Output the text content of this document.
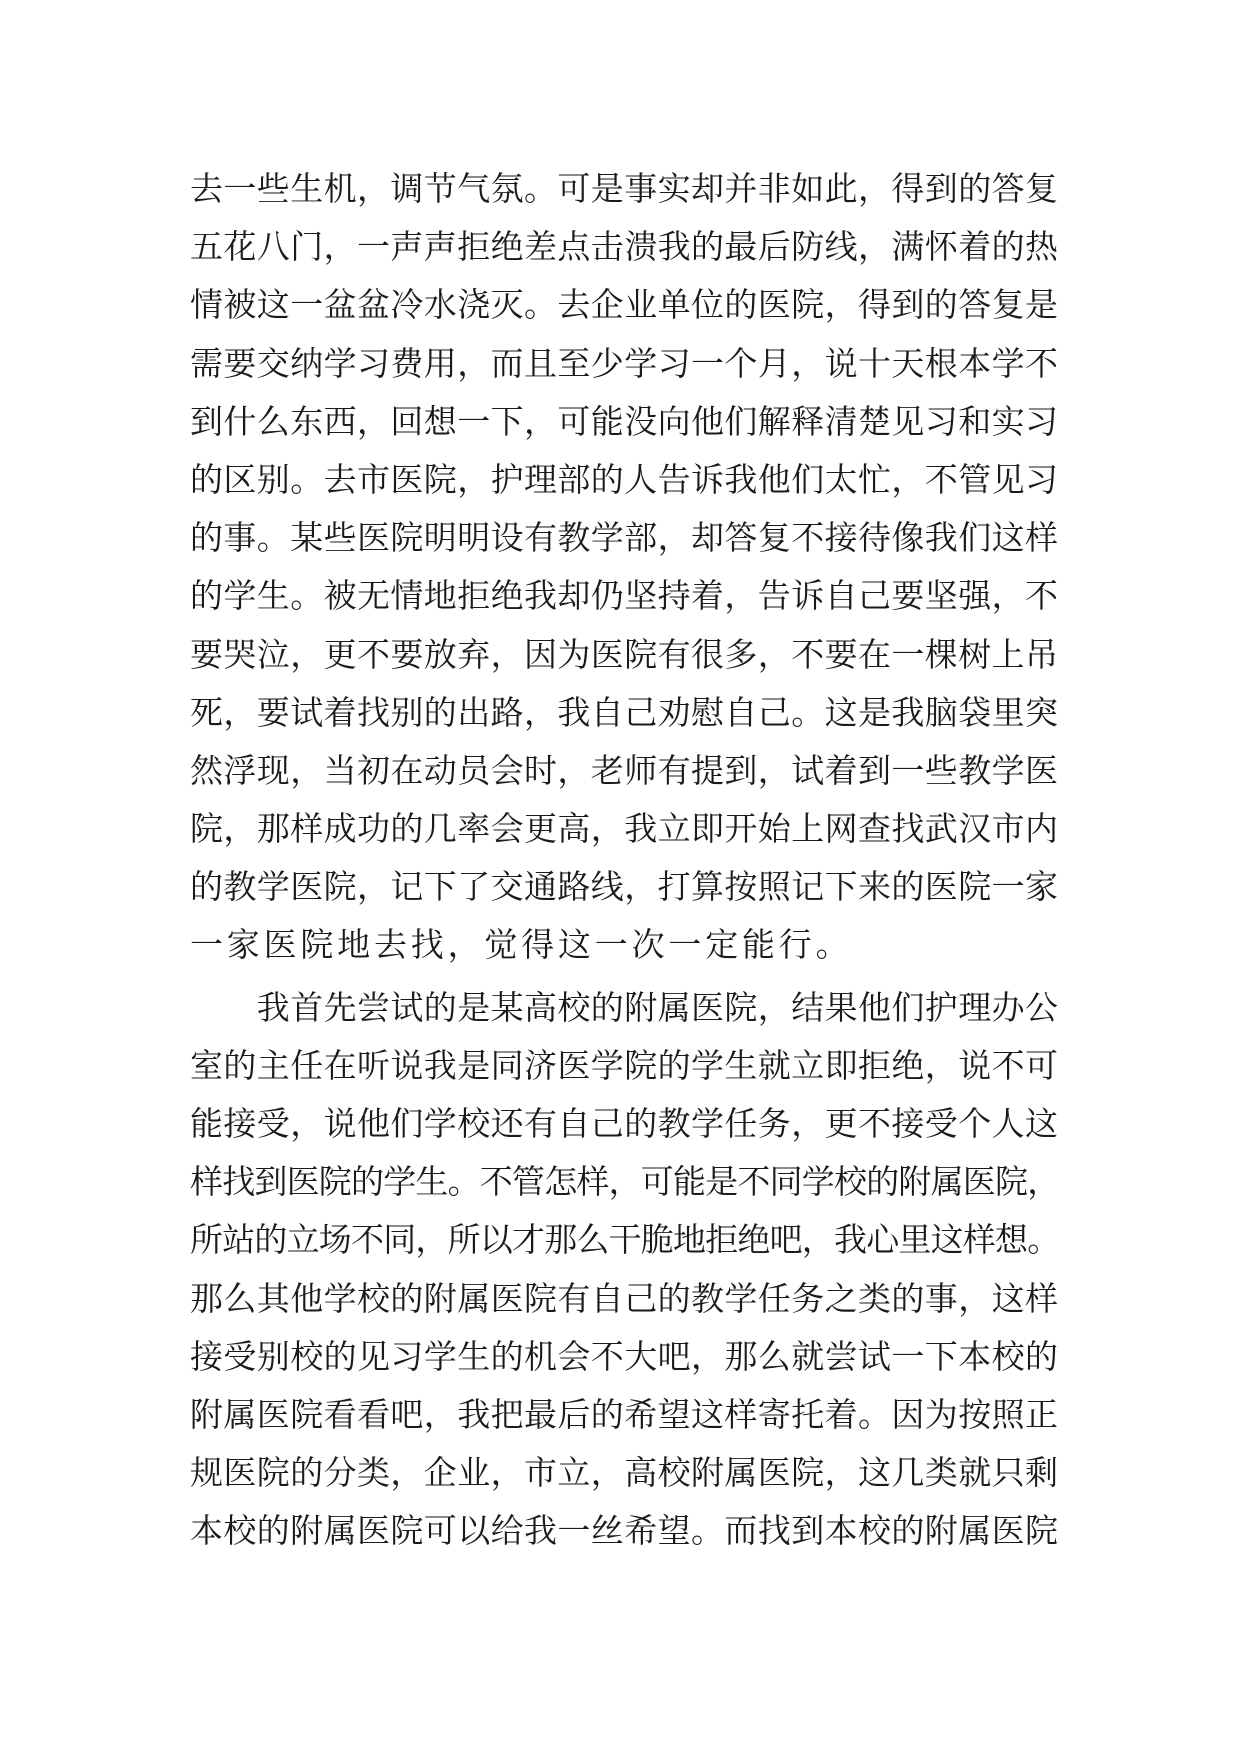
去一些生机，调节气氛。可是事实却并非如此，得到的答复
五花八门，一声声拒绝差点击溃我的最后防线，满怀着的热
情被这一盆盆冷水浇灭。去企业单位的医院，得到的答复是
需要交纳学习费用，而且至少学习一个月，说十天根本学不
到什么东西，回想一下，可能没向他们解释清楚见习和实习
的区别。去市医院，护理部的人告诉我他们太忙，不管见习
的事。某些医院明明设有教学部，却答复不接待像我们这样
的学生。被无情地拒绝我却仍坚持着，告诉自己要坚强，不
要哭泣，更不要放弃，因为医院有很多，不要在一棵树上吊
死，要试着找别的出路，我自己劝慰自己。这是我脑袋里突
然浮现，当初在动员会时，老师有提到，试着到一些教学医
院，那样成功的几率会更高，我立即开始上网查找武汉市内
的教学医院，记下了交通路线，打算按照记下来的医院一家
一家医院地去找，觉得这一次一定能行。
　　我首先尝试的是某高校的附属医院，结果他们护理办公
室的主任在听说我是同济医学院的学生就立即拒绝，说不可
能接受，说他们学校还有自己的教学任务，更不接受个人这
样找到医院的学生。不管怎样，可能是不同学校的附属医院，
所站的立场不同，所以才那么干脆地拒绝吧，我心里这样想。
那么其他学校的附属医院有自己的教学任务之类的事，这样
接受别校的见习学生的机会不大吧，那么就尝试一下本校的
附属医院看看吧，我把最后的希望这样寄托着。因为按照正
规医院的分类，企业，市立，高校附属医院，这几类就只剩
本校的附属医院可以给我一丝希望。而找到本校的附属医院
